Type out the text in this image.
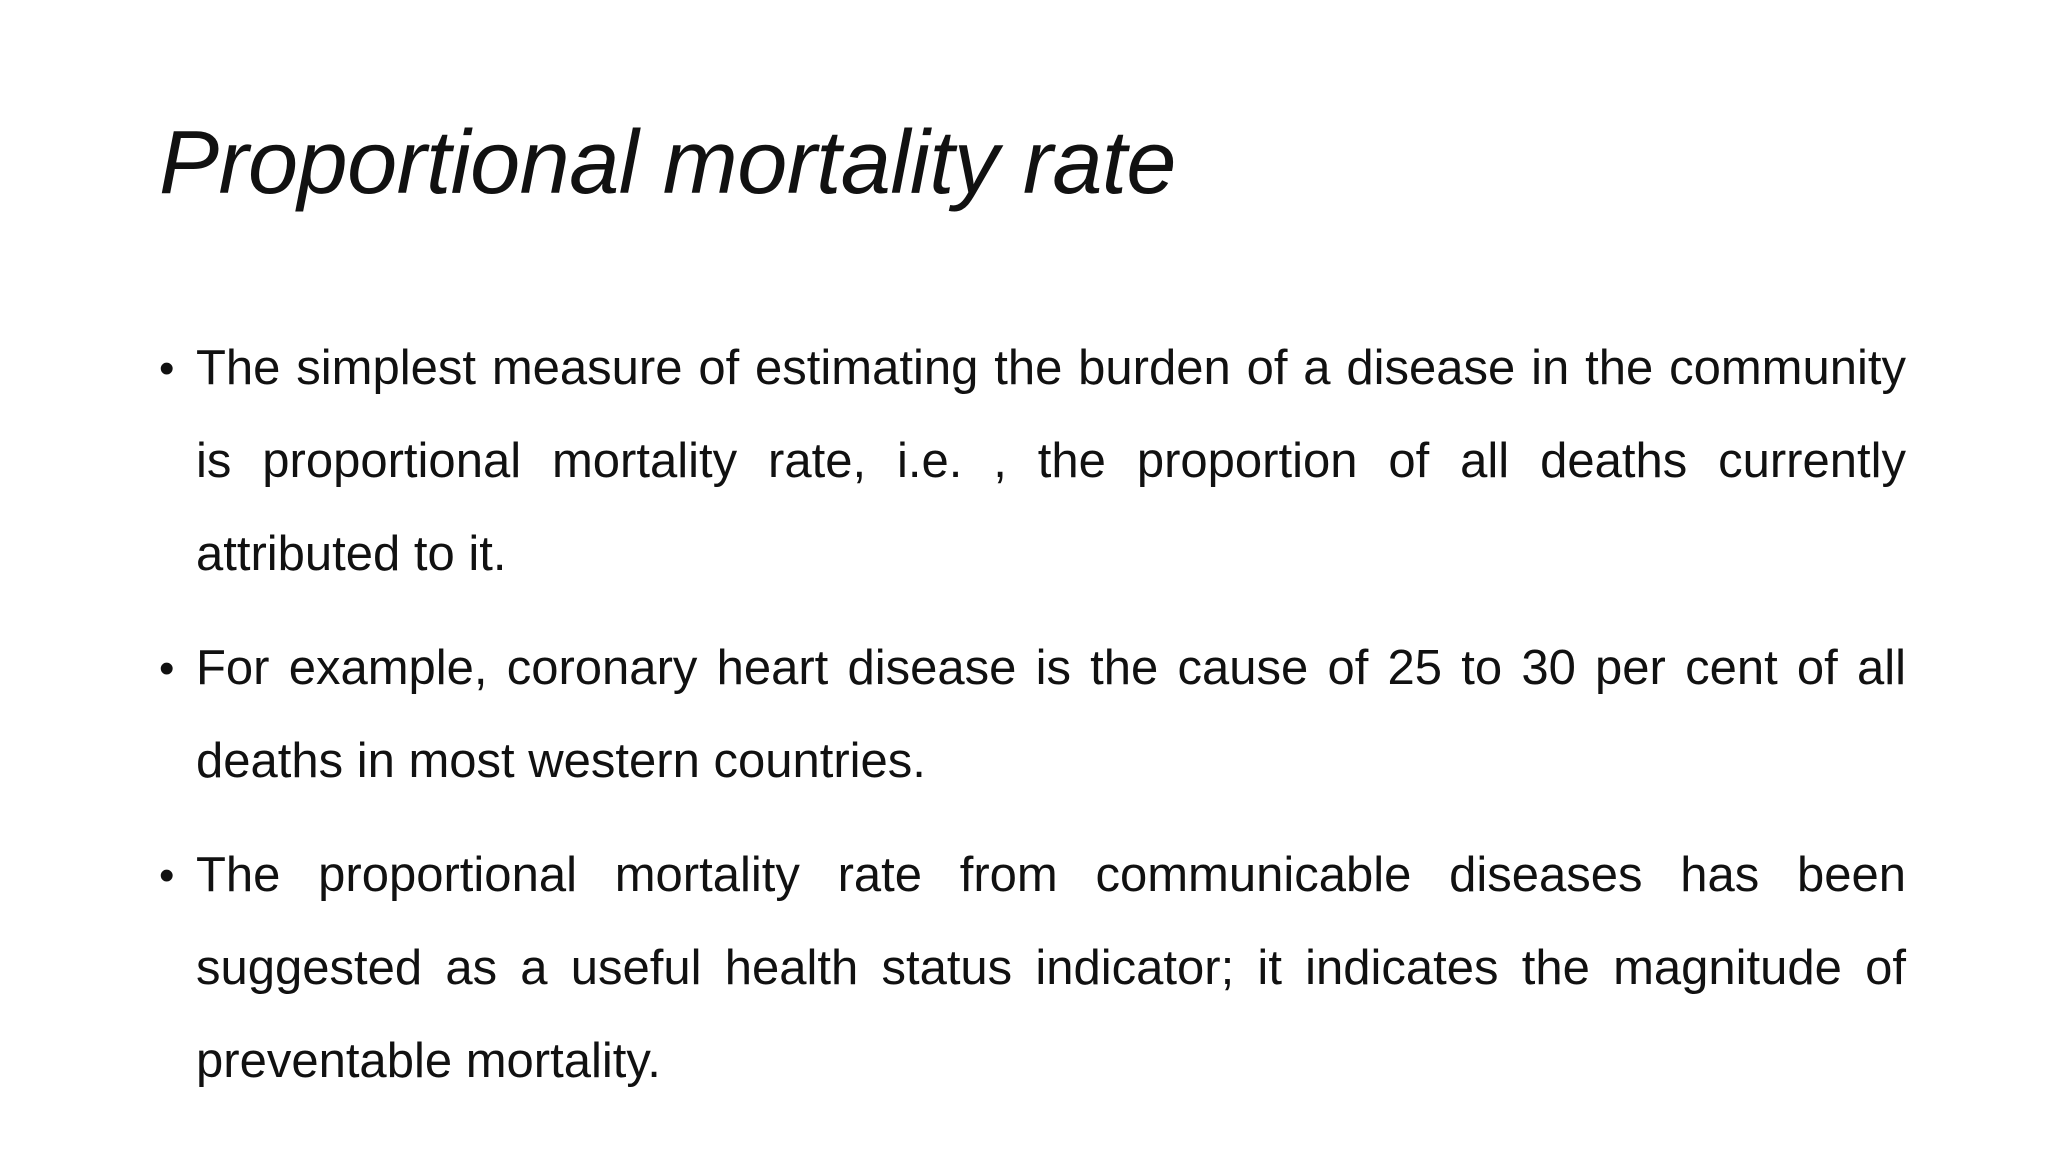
Proportional mortality rate
• The simplest measure of estimating the burden of a disease in the community is proportional mortality rate, i.e. , the proportion of all deaths currently attributed to it.
• For example, coronary heart disease is the cause of 25 to 30 per cent of all deaths in most western countries.
• The proportional mortality rate from communicable diseases has been suggested as a useful health status indicator; it indicates the magnitude of preventable mortality.
